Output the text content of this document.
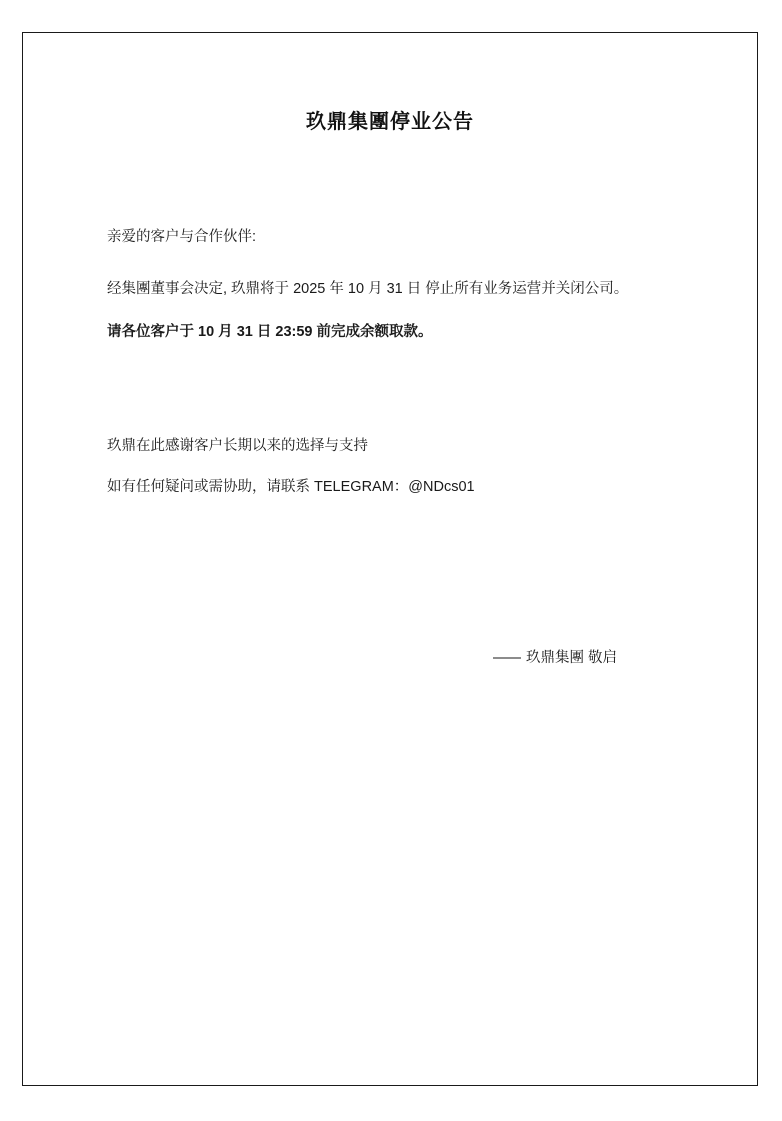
玖鼎集團停业公告
亲爱的客户与合作伙伴:
经集團董事会决定, 玖鼎将于 2025 年 10 月 31 日 停止所有业务运营并关闭公司。
请各位客户于 10 月 31 日 23:59 前完成余额取款。
玖鼎在此感谢客户长期以来的选择与支持
如有任何疑问或需协助，请联系 TELEGRAM：@NDcs01
—— 玖鼎集團 敬启
